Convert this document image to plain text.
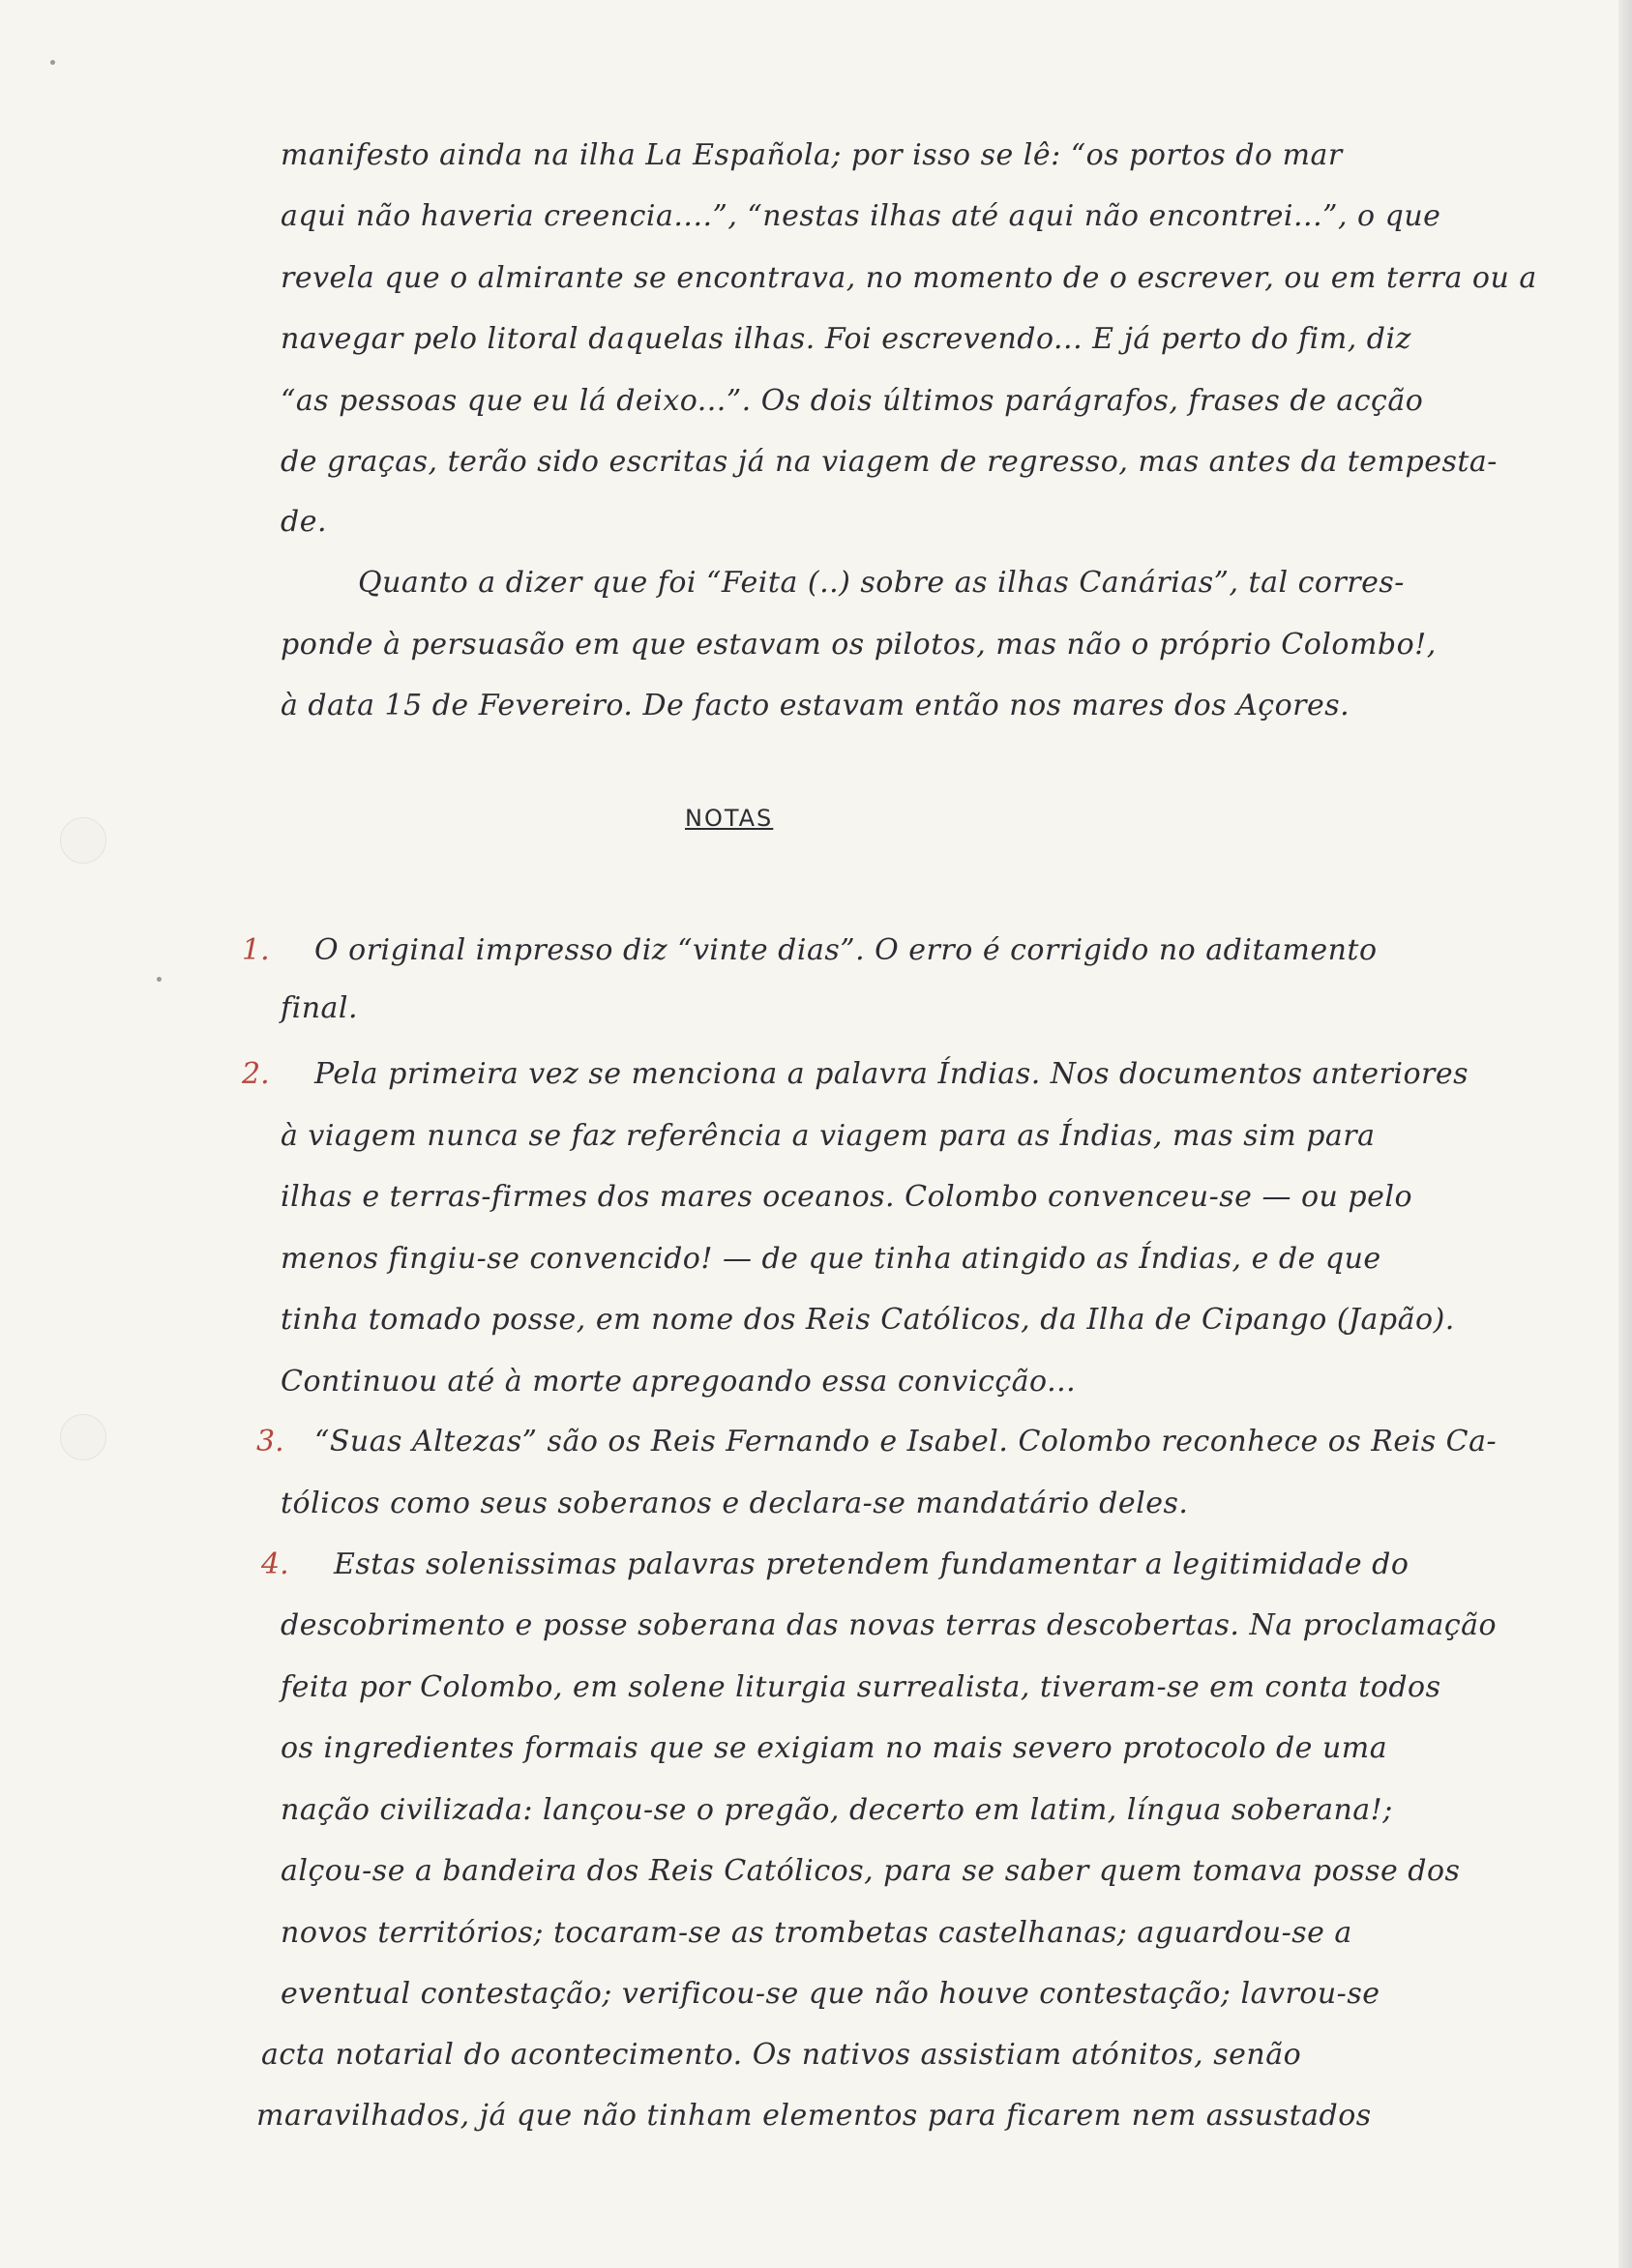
manifesto ainda na ilha La Española; por isso se lê: “os portos do mar

aqui não haveria creencia....”, “nestas ilhas até aqui não encontrei...”, o que

revela que o almirante se encontrava, no momento de o escrever, ou em terra ou a

navegar pelo litoral daquelas ilhas. Foi escrevendo... E já perto do fim, diz

“as pessoas que eu lá deixo...”. Os dois últimos parágrafos, frases de acção

de graças, terão sido escritas já na viagem de regresso, mas antes da tempesta-

de.

Quanto a dizer que foi “Feita (..) sobre as ilhas Canárias”, tal corres-

ponde à persuasão em que estavam os pilotos, mas não o próprio Colombo!,

à data 15 de Fevereiro. De facto estavam então nos mares dos Açores.

NOTAS
1. O original impresso diz “vinte dias”. O erro é corrigido no aditamento

final.

2. Pela primeira vez se menciona a palavra Índias. Nos documentos anteriores

à viagem nunca se faz referência a viagem para as Índias, mas sim para

ilhas e terras-firmes dos mares oceanos. Colombo convenceu-se — ou pelo

menos fingiu-se convencido! — de que tinha atingido as Índias, e de que

tinha tomado posse, em nome dos Reis Católicos, da Ilha de Cipango (Japão).

Continuou até à morte apregoando essa convicção...

3. “Suas Altezas” são os Reis Fernando e Isabel. Colombo reconhece os Reis Ca-

tólicos como seus soberanos e declara-se mandatário deles.

4. Estas solenissimas palavras pretendem fundamentar a legitimidade do

descobrimento e posse soberana das novas terras descobertas. Na proclamação

feita por Colombo, em solene liturgia surrealista, tiveram-se em conta todos

os ingredientes formais que se exigiam no mais severo protocolo de uma

nação civilizada: lançou-se o pregão, decerto em latim, língua soberana!;

alçou-se a bandeira dos Reis Católicos, para se saber quem tomava posse dos

novos territórios; tocaram-se as trombetas castelhanas; aguardou-se a

eventual contestação; verificou-se que não houve contestação; lavrou-se

acta notarial do acontecimento. Os nativos assistiam atónitos, senão

maravilhados, já que não tinham elementos para ficarem nem assustados
